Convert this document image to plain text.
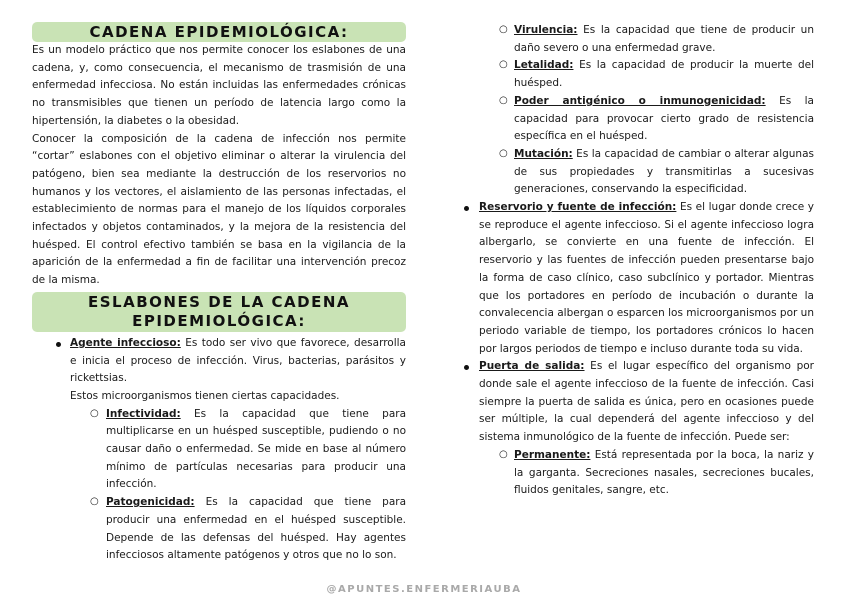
CADENA EPIDEMIOLÓGICA:

Es un modelo práctico que nos permite conocer los eslabones de una cadena, y, como consecuencia, el mecanismo de trasmisión de una enfermedad infecciosa. No están incluidas las enfermedades crónicas no transmisibles que tienen un período de latencia largo como la hipertensión, la diabetes o la obesidad.

Conocer la composición de la cadena de infección nos permite “cortar” eslabones con el objetivo eliminar o alterar la virulencia del patógeno, bien sea mediante la destrucción de los reservorios no humanos y los vectores, el aislamiento de las personas infectadas, el establecimiento de normas para el manejo de los líquidos corporales infectados y objetos contaminados, y la mejora de la resistencia del huésped. El control efectivo también se basa en la vigilancia de la aparición de la enfermedad a fin de facilitar una intervención precoz de la misma.

ESLABONES DE LA CADENA EPIDEMIOLÓGICA:
Agente infeccioso: Es todo ser vivo que favorece, desarrolla e inicia el proceso de infección. Virus, bacterias, parásitos y rickettsias.
Estos microorganismos tienen ciertas capacidades.
○ Infectividad: Es la capacidad que tiene para multiplicarse en un huésped susceptible, pudiendo o no causar daño o enfermedad. Se mide en base al número mínimo de partículas necesarias para producir una infección.
○ Patogenicidad: Es la capacidad que tiene para producir una enfermedad en el huésped susceptible. Depende de las defensas del huésped. Hay agentes infecciosos altamente patógenos y otros que no lo son.
○ Virulencia: Es la capacidad que tiene de producir un daño severo o una enfermedad grave.
○ Letalidad: Es la capacidad de producir la muerte del huésped.
○ Poder antigénico o inmunogenicidad: Es la capacidad para provocar cierto grado de resistencia específica en el huésped.
○ Mutación: Es la capacidad de cambiar o alterar algunas de sus propiedades y transmitirlas a sucesivas generaciones, conservando la especificidad.
Reservorio y fuente de infección: Es el lugar donde crece y se reproduce el agente infeccioso. Si el agente infeccioso logra albergarlo, se convierte en una fuente de infección. El reservorio y las fuentes de infección pueden presentarse bajo la forma de caso clínico, caso subclínico y portador. Mientras que los portadores en período de incubación o durante la convalecencia albergan o esparcen los microorganismos por un periodo variable de tiempo, los portadores crónicos lo hacen por largos periodos de tiempo e incluso durante toda su vida.
Puerta de salida: Es el lugar específico del organismo por donde sale el agente infeccioso de la fuente de infección. Casi siempre la puerta de salida es única, pero en ocasiones puede ser múltiple, la cual dependerá del agente infeccioso y del sistema inmunológico de la fuente de infección. Puede ser:
○ Permanente: Está representada por la boca, la nariz y la garganta. Secreciones nasales, secreciones bucales, fluidos genitales, sangre, etc.
@APUNTES.ENFERMERIAUBA
